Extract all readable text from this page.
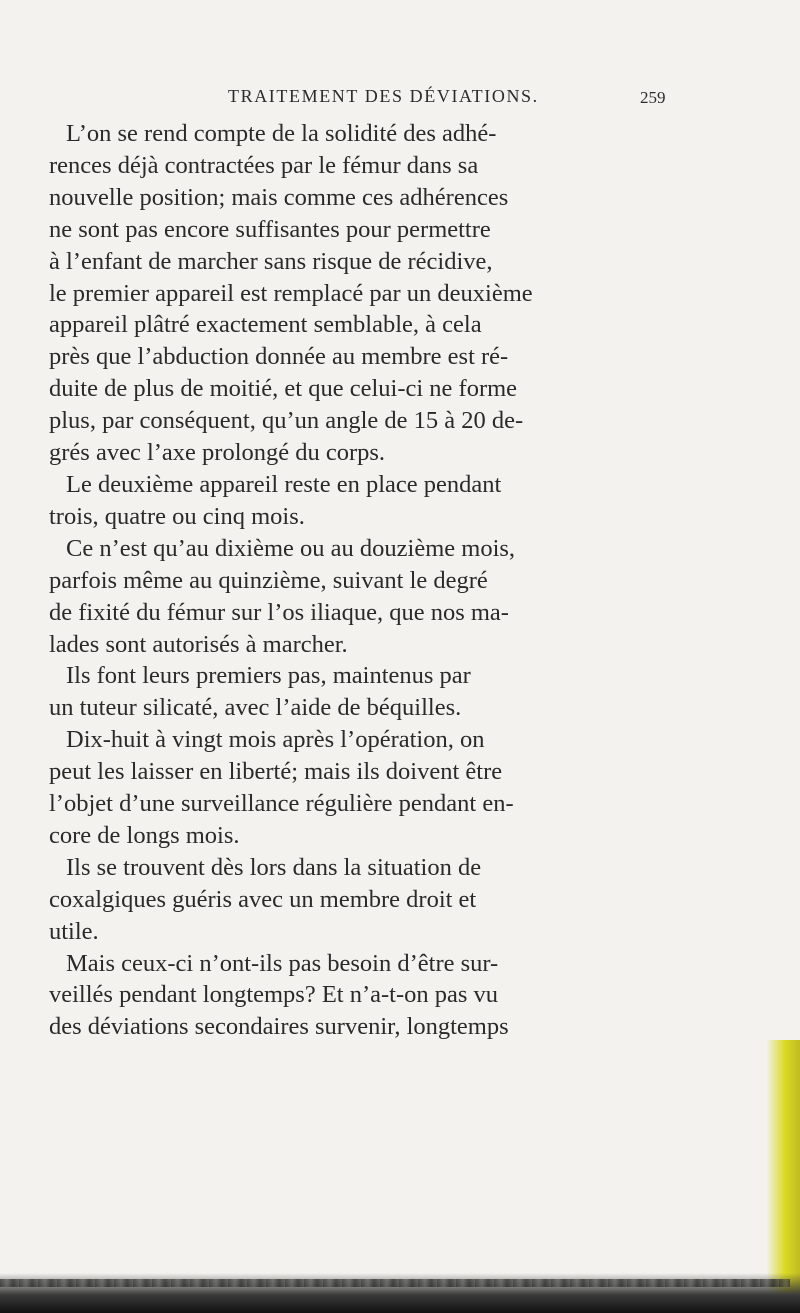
TRAITEMENT DES DÉVIATIONS.	259

L’on se rend compte de la solidité des adhé-
rences déjà contractées par le fémur dans sa
nouvelle position; mais comme ces adhérences
ne sont pas encore suffisantes pour permettre
à l’enfant de marcher sans risque de récidive,
le premier appareil est remplacé par un deuxième
appareil plâtré exactement semblable, à cela
près que l’abduction donnée au membre est ré-
duite de plus de moitié, et que celui-ci ne forme
plus, par conséquent, qu’un angle de 15 à 20 de-
grés avec l’axe prolongé du corps.

Le deuxième appareil reste en place pendant
trois, quatre ou cinq mois.

Ce n’est qu’au dixième ou au douzième mois,
parfois même au quinzième, suivant le degré
de fixité du fémur sur l’os iliaque, que nos ma-
lades sont autorisés à marcher.

Ils font leurs premiers pas, maintenus par
un tuteur silicaté, avec l’aide de béquilles.

Dix-huit à vingt mois après l’opération, on
peut les laisser en liberté; mais ils doivent être
l’objet d’une surveillance régulière pendant en-
core de longs mois.

Ils se trouvent dès lors dans la situation de
coxalgiques guéris avec un membre droit et
utile.

Mais ceux-ci n’ont-ils pas besoin d’être sur-
veillés pendant longtemps? Et n’a-t-on pas vu
des déviations secondaires survenir, longtemps
